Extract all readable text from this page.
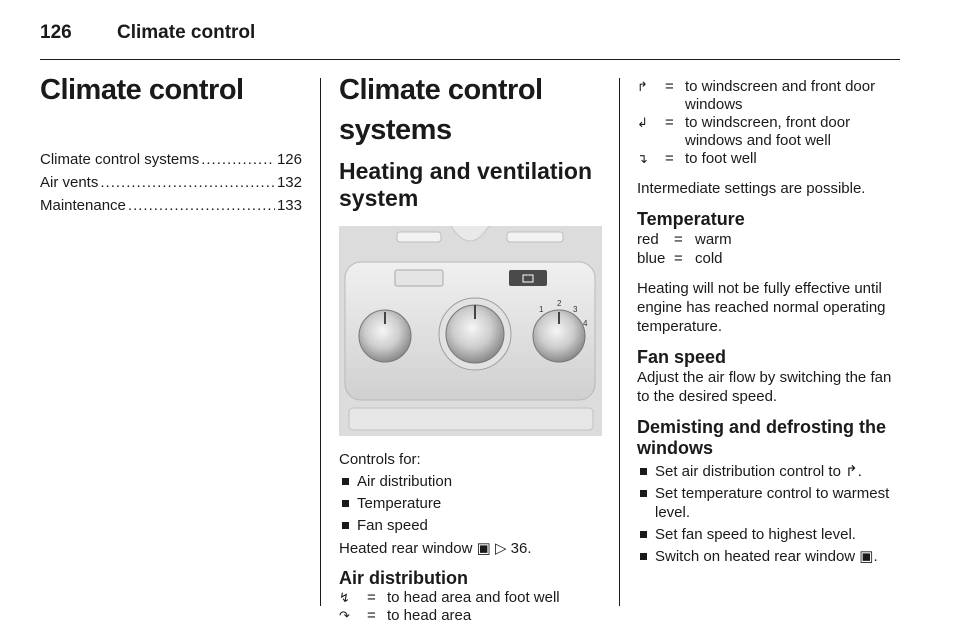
126 Climate control
Climate control
Climate control systems .....	126
Air vents .....	132
Maintenance .....	133
Climate control systems
Heating and ventilation system
1
2
3
4

Controls for:

Air distribution
Temperature
Fan speed

Heated rear window ▣ ▷ 36.

Air distribution
↯	= to head area and foot well
↷	= to head area
↱	= to windscreen and front door windows
↲	= to windscreen, front door windows and foot well
↴	= to foot well

Intermediate settings are possible.

Temperature
red	= warm
blue = cold

Heating will not be fully effective until engine has reached normal operating temperature.

Fan speed

Adjust the air flow by switching the fan to the desired speed.

Demisting and defrosting the windows
Set air distribution control to ↱.
Set temperature control to warmest level.
Set fan speed to highest level.
Switch on heated rear window ▣.
